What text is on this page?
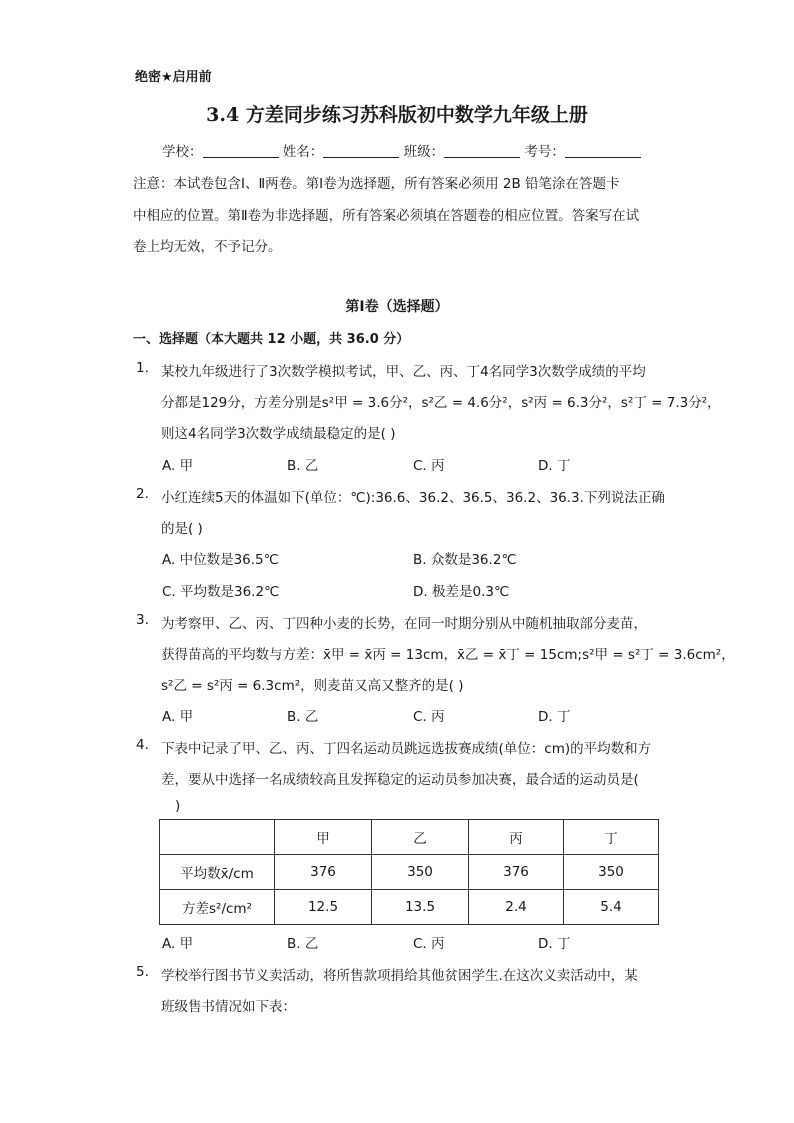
绝密★启用前
3.4 方差同步练习苏科版初中数学九年级上册
学校：	姓名：	班级：	考号：
注意：本试卷包含Ⅰ、Ⅱ两卷。第Ⅰ卷为选择题，所有答案必须用 2B 铅笔涂在答题卡
中相应的位置。第Ⅱ卷为非选择题，所有答案必须填在答题卷的相应位置。答案写在试
卷上均无效，不予记分。
第Ⅰ卷（选择题）
一、选择题（本大题共 12 小题，共 36.0 分）
1. 某校九年级进行了3次数学模拟考试，甲、乙、丙、丁4名同学3次数学成绩的平均
分都是129分，方差分别是s²甲 = 3.6分²，s²乙 = 4.6分²，s²丙 = 6.3分²，s²丁 = 7.3分²，
则这4名同学3次数学成绩最稳定的是( )
A. 甲	B. 乙	C. 丙	D. 丁
2. 小红连续5天的体温如下(单位：℃):36.6、36.2、36.5、36.2、36.3.下列说法正确
的是( )
A. 中位数是36.5℃	B. 众数是36.2℃
C. 平均数是36.2℃	D. 极差是0.3℃
3. 为考察甲、乙、丙、丁四种小麦的长势，在同一时期分别从中随机抽取部分麦苗，
获得苗高的平均数与方差：x̄甲 = x̄丙 = 13cm，x̄乙 = x̄丁 = 15cm;s²甲 = s²丁 = 3.6cm²，
s²乙 = s²丙 = 6.3cm²，则麦苗又高又整齐的是( )
A. 甲	B. 乙	C. 丙	D. 丁
4. 下表中记录了甲、乙、丙、丁四名运动员跳远选拔赛成绩(单位：cm)的平均数和方
差，要从中选择一名成绩较高且发挥稳定的运动员参加决赛，最合适的运动员是(
)
	甲	乙	丙	丁
平均数x̄/cm	376	350	376	350
方差s²/cm²	12.5	13.5	2.4	5.4
A. 甲	B. 乙	C. 丙	D. 丁
5. 学校举行图书节义卖活动，将所售款项捐给其他贫困学生.在这次义卖活动中，某
班级售书情况如下表：
